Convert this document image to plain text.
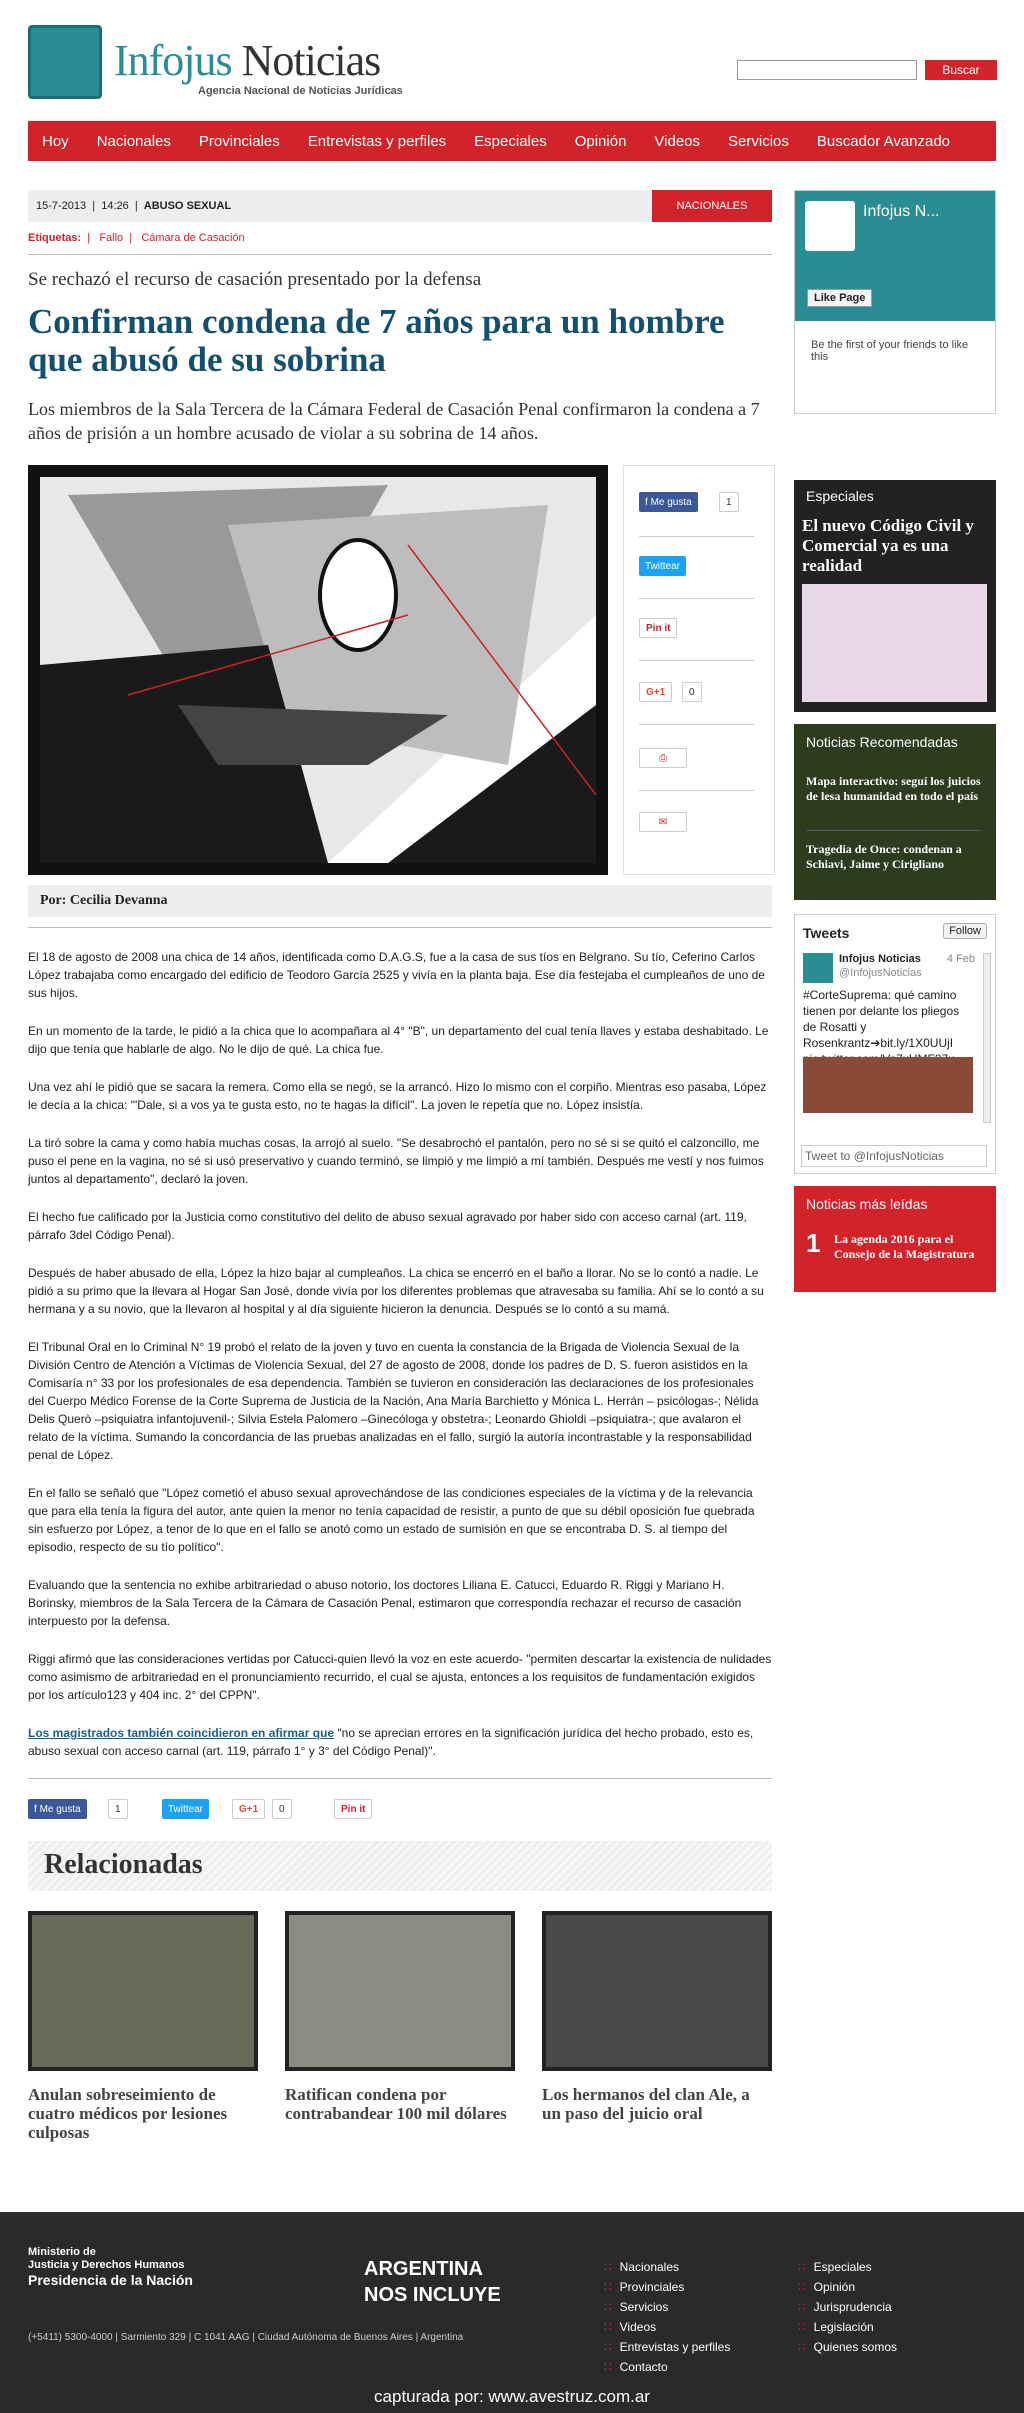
Infojus Noticias
Agencia Nacional de Noticias Jurídicas
Buscar
Hoy	Nacionales	Provinciales	Entrevistas y perfiles	Especiales	Opinión	Videos	Servicios	Buscador Avanzado
15-7-2013 | 14:26 | ABUSO SEXUAL	NACIONALES
Etiquetas:  |   Fallo  |   Cámara de Casación
Se rechazó el recurso de casación presentado por la defensa
Confirman condena de 7 años para un hombre que abusó de su sobrina
Los miembros de la Sala Tercera de la Cámara Federal de Casación Penal confirmaron la condena a 7 años de prisión a un hombre acusado de violar a su sobrina de 14 años.
f Me gusta	1
Twittear
Pin it
G+1	0
⎙
✉
Por: Cecilia Devanna

El 18 de agosto de 2008 una chica de 14 años, identificada como D.A.G.S, fue a la casa de sus tíos en Belgrano. Su tío, Ceferino Carlos López trabajaba como encargado del edificio de Teodoro García 2525 y vivía en la planta baja. Ese día festejaba el cumpleaños de uno de sus hijos.

En un momento de la tarde, le pidió a la chica que lo acompañara al 4° "B", un departamento del cual tenía llaves y estaba deshabitado. Le dijo que tenía que hablarle de algo. No le dijo de qué. La chica fue.

Una vez ahí le pidió que se sacara la remera. Como ella se negó, se la arrancó. Hizo lo mismo con el corpiño. Mientras eso pasaba, López le decía a la chica: "'Dale, si a vos ya te gusta esto, no te hagas la difícil". La joven le repetía que no. López insistía.

La tiró sobre la cama y como había muchas cosas, la arrojó al suelo. "Se desabrochó el pantalón, pero no sé si se quitó el calzoncillo, me puso el pene en la vagina, no sé si usó preservativo y cuando terminó, se limpió y me limpió a mí también. Después me vestí y nos fuimos juntos al departamento", declaró la joven.

El hecho fue calificado por la Justicia como constitutivo del delito de abuso sexual agravado por haber sido con acceso carnal (art. 119, párrafo 3del Código Penal).

Después de haber abusado de ella, López la hizo bajar al cumpleaños. La chica se encerró en el baño a llorar. No se lo contó a nadie. Le pidió a su primo que la llevara al Hogar San José, donde vivía por los diferentes problemas que atravesaba su familia. Ahí se lo contó a su hermana y a su novio, que la llevaron al hospital y al día siguiente hicieron la denuncia. Después se lo contó a su mamá.

El Tribunal Oral en lo Criminal N° 19 probó el relato de la joven y tuvo en cuenta la constancia de la Brigada de Violencia Sexual de la División Centro de Atención a Víctimas de Violencia Sexual, del 27 de agosto de 2008, donde los padres de D. S. fueron asistidos en la Comisaría n° 33 por los profesionales de esa dependencia. También se tuvieron en consideración las declaraciones de los profesionales del Cuerpo Médico Forense de la Corte Suprema de Justicia de la Nación, Ana María Barchietto y Mónica L. Herrán – psicólogas-; Nélida Delis Querò –psiquiatra infantojuvenil-; Silvia Estela Palomero –Ginecóloga y obstetra-; Leonardo Ghioldi –psiquiatra-; que avalaron el relato de la víctima. Sumando la concordancia de las pruebas analizadas en el fallo, surgió la autoría incontrastable y la responsabilidad penal de López.

En el fallo se señaló que "López cometió el abuso sexual aprovechándose de las condiciones especiales de la víctima y de la relevancia que para ella tenía la figura del autor, ante quien la menor no tenía capacidad de resistir, a punto de que su débil oposición fue quebrada sin esfuerzo por López, a tenor de lo que en el fallo se anotó como un estado de sumisión en que se encontraba D. S. al tiempo del episodio, respecto de su tío político".

Evaluando que la sentencia no exhibe arbitrariedad o abuso notorio, los doctores Liliana E. Catucci, Eduardo R. Riggi y Mariano H. Borinsky, miembros de la Sala Tercera de la Cámara de Casación Penal, estimaron que correspondía rechazar el recurso de casación interpuesto por la defensa.

Riggi afirmó que las consideraciones vertidas por Catucci-quien llevó la voz en este acuerdo- "permiten descartar la existencia de nulidades como asimismo de arbitrariedad en el pronunciamiento recurrido, el cual se ajusta, entonces a los requisitos de fundamentación exigidos por los artículo123 y 404 inc. 2° del CPPN".

Los magistrados también coincidieron en afirmar que "no se aprecian errores en la significación jurídica del hecho probado, esto es, abuso sexual con acceso carnal (art. 119, párrafo 1° y 3° del Código Penal)".

f Me gusta	1	Twittear	G+1	0	Pin it
Relacionadas
Anulan sobreseimiento de cuatro médicos por lesiones culposas
Ratifican condena por contrabandear 100 mil dólares
Los hermanos del clan Ale, a un paso del juicio oral
Infojus N...
Like Page
Be the first of your friends to like this
Especiales
El nuevo Código Civil y Comercial ya es una realidad
Noticias Recomendadas
Mapa interactivo: seguí los juicios de lesa humanidad en todo el país
Tragedia de Once: condenan a Schiavi, Jaime y Cirigliano
Tweets	Follow
Infojus Noticias
@InfojusNoticias
4 Feb
#CorteSuprema: qué camino tienen por delante los pliegos de Rosatti y Rosenkrantz➔bit.ly/1X0UUjI
Tweet to @InfojusNoticias
Noticias más leídas
1 La agenda 2016 para el Consejo de la Magistratura
Ministerio de
Justicia y Derechos Humanos
Presidencia de la Nación	ARGENTINA
NOS INCLUYE
(+5411) 5300-4000 | Sarmiento 329 | C 1041 AAG | Ciudad Autónoma de Buenos Aires | Argentina
∷ Nacionales
∷ Provinciales
∷ Servicios
∷ Videos
∷ Entrevistas y perfiles
∷ Contacto
∷ Especiales
∷ Opinión
∷ Jurisprudencia
∷ Legislación
∷ Quienes somos
capturada por: www.avestruz.com.ar
